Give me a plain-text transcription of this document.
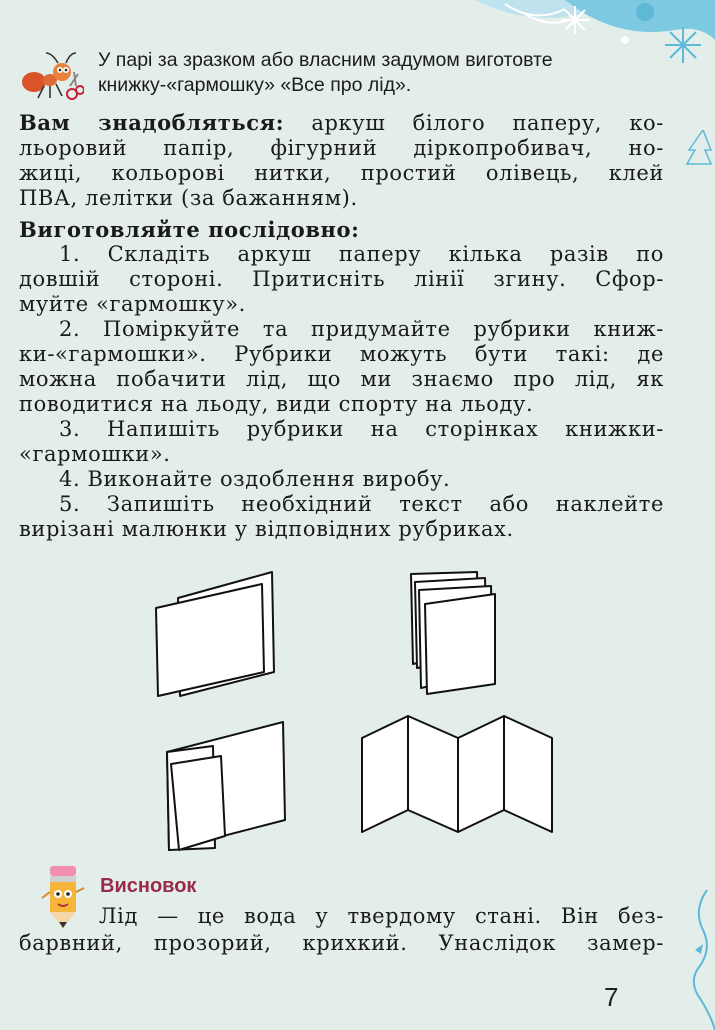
У парі за зразком або власним задумом виготовте
книжку-«гармошку» «Все про лід».
Вам знадобляться: аркуш білого паперу, ко-
льоровий папір, фігурний діркопробивач, но-
жиці, кольорові нитки, простий олівець, клей
ПВА, лелітки (за бажанням).
Виготовляйте послідовно:
1. Складіть аркуш паперу кілька разів по
довшій стороні. Притисніть лінії згину. Сфор-
муйте «гармошку».
2. Поміркуйте та придумайте рубрики книж-
ки-«гармошки». Рубрики можуть бути такі: де
можна побачити лід, що ми знаємо про лід, як
поводитися на льоду, види спорту на льоду.
3. Напишіть рубрики на сторінках книжки-
«гармошки».
4. Виконайте оздоблення виробу.
5. Запишіть необхідний текст або наклейте
вирізані малюнки у відповідних рубриках.
Висновок
Лід — це вода у твердому стані. Він без-
барвний, прозорий, крихкий. Унаслідок замер-
7
